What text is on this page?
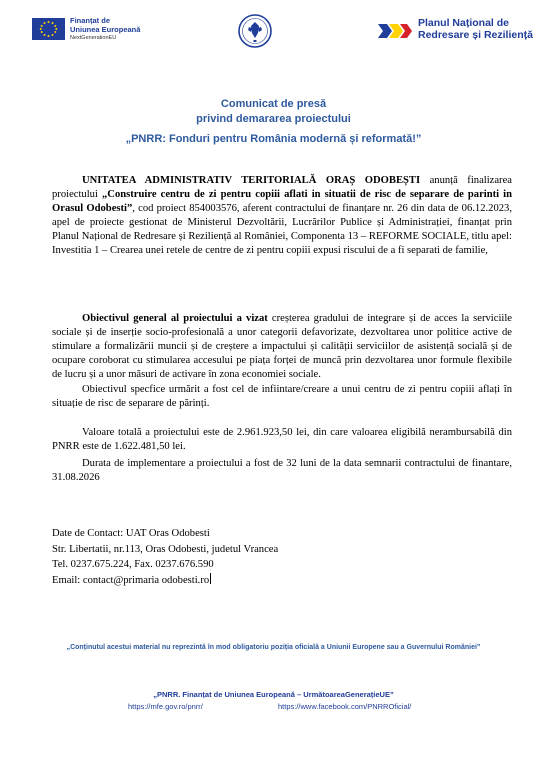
Finanțat de
Uniunea Europeană
NextGenerationEU
Planul Național de
Redresare și Reziliență
Comunicat de presă
privind demararea proiectului
„PNRR: Fonduri pentru România modernă și reformată!”
UNITATEA ADMINISTRATIV TERITORIALĂ ORAȘ ODOBEȘTI anunță finalizarea proiectului „Construire centru de zi pentru copiii aflati in situatii de risc de separare de parinti in Orasul Odobesti”, cod proiect 854003576, aferent contractului de finanțare nr. 26 din data de 06.12.2023, apel de proiecte gestionat de Ministerul Dezvoltării, Lucrărilor Publice și Administrației, finanțat prin Planul Național de Redresare și Reziliență al României, Componenta 13 – REFORME SOCIALE, titlu apel: Investitia 1 – Crearea unei retele de centre de zi pentru copiii expusi riscului de a fi separati de familie,
Obiectivul general al proiectului a vizat creșterea gradului de integrare și de acces la serviciile sociale și de inserție socio-profesională a unor categorii defavorizate, dezvoltarea unor politice active de stimulare a formalizării muncii și de creștere a impactului și calității serviciilor de asistență socială și de ocupare coroborat cu stimularea accesului pe piața forței de muncă prin dezvoltarea unor formule flexibile de lucru și a unor măsuri de activare în zona economiei sociale.
Obiectivul specfice urmărit a fost cel de infiintare/creare a unui centru de zi pentru copiii aflați în situație de risc de separare de părinți.
Valoare totală a proiectului este de 2.961.923,50 lei, din care valoarea eligibilă nerambursabilă din PNRR este de 1.622.481,50 lei.
Durata de implementare a proiectului a fost de 32 luni de la data semnarii contractului de finantare, 31.08.2026
Date de Contact: UAT Oras Odobesti
Str. Libertatii, nr.113, Oras Odobesti, judetul Vrancea
Tel. 0237.675.224, Fax. 0237.676.590
Email: contact@primaria odobesti.ro
„Conținutul acestui material nu reprezintă în mod obligatoriu poziția oficială a Uniunii Europene sau a Guvernului României”
„PNRR. Finanțat de Uniunea Europeană – UrmătoareaGenerațieUE”
https://mfe.gov.ro/pnrr/	https://www.facebook.com/PNRROficial/
